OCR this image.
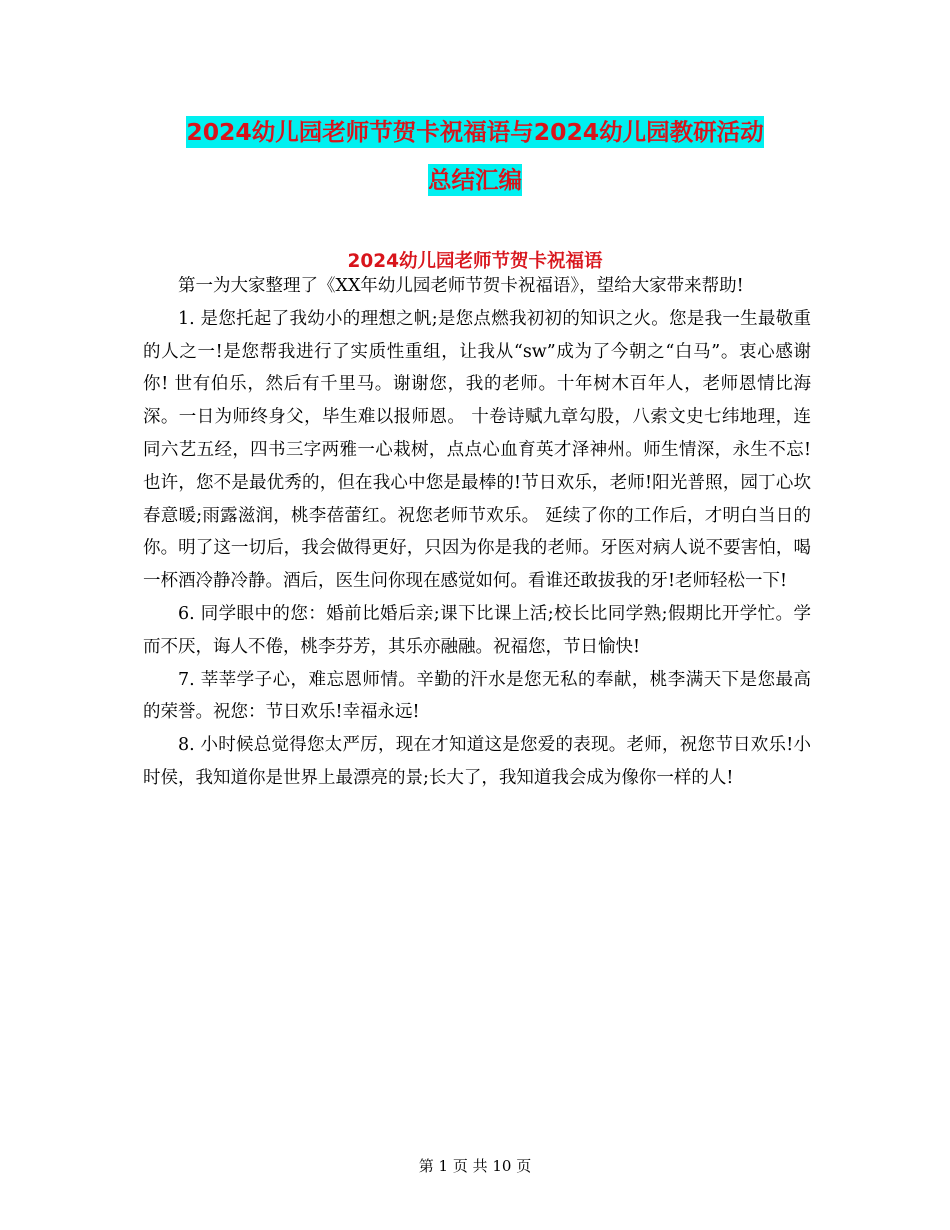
2024幼儿园老师节贺卡祝福语与2024幼儿园教研活动
总结汇编
2024幼儿园老师节贺卡祝福语

第一为大家整理了《XX年幼儿园老师节贺卡祝福语》，望给大家带来帮助!

1. 是您托起了我幼小的理想之帆;是您点燃我初初的知识之火。您是我一生最敬重的人之一!是您帮我进行了实质性重组，让我从“sw”成为了今朝之“白马”。衷心感谢你! 世有伯乐，然后有千里马。谢谢您，我的老师。十年树木百年人，老师恩情比海深。一日为师终身父，毕生难以报师恩。 十卷诗赋九章勾股，八索文史七纬地理，连同六艺五经，四书三字两雅一心栽树，点点心血育英才泽神州。师生情深，永生不忘! 也许，您不是最优秀的，但在我心中您是最棒的!节日欢乐，老师!阳光普照，园丁心坎春意暖;雨露滋润，桃李蓓蕾红。祝您老师节欢乐。 延续了你的工作后，才明白当日的你。明了这一切后，我会做得更好，只因为你是我的老师。牙医对病人说不要害怕，喝一杯酒冷静冷静。酒后，医生问你现在感觉如何。看谁还敢拔我的牙!老师轻松一下!

6. 同学眼中的您：婚前比婚后亲;课下比课上活;校长比同学熟;假期比开学忙。学而不厌，诲人不倦，桃李芬芳，其乐亦融融。祝福您，节日愉快!

7. 莘莘学子心，难忘恩师情。辛勤的汗水是您无私的奉献，桃李满天下是您最高的荣誉。祝您：节日欢乐!幸福永远!

8. 小时候总觉得您太严厉，现在才知道这是您爱的表现。老师，祝您节日欢乐!小时侯，我知道你是世界上最漂亮的景;长大了，我知道我会成为像你一样的人!

第 1 页 共 10 页
